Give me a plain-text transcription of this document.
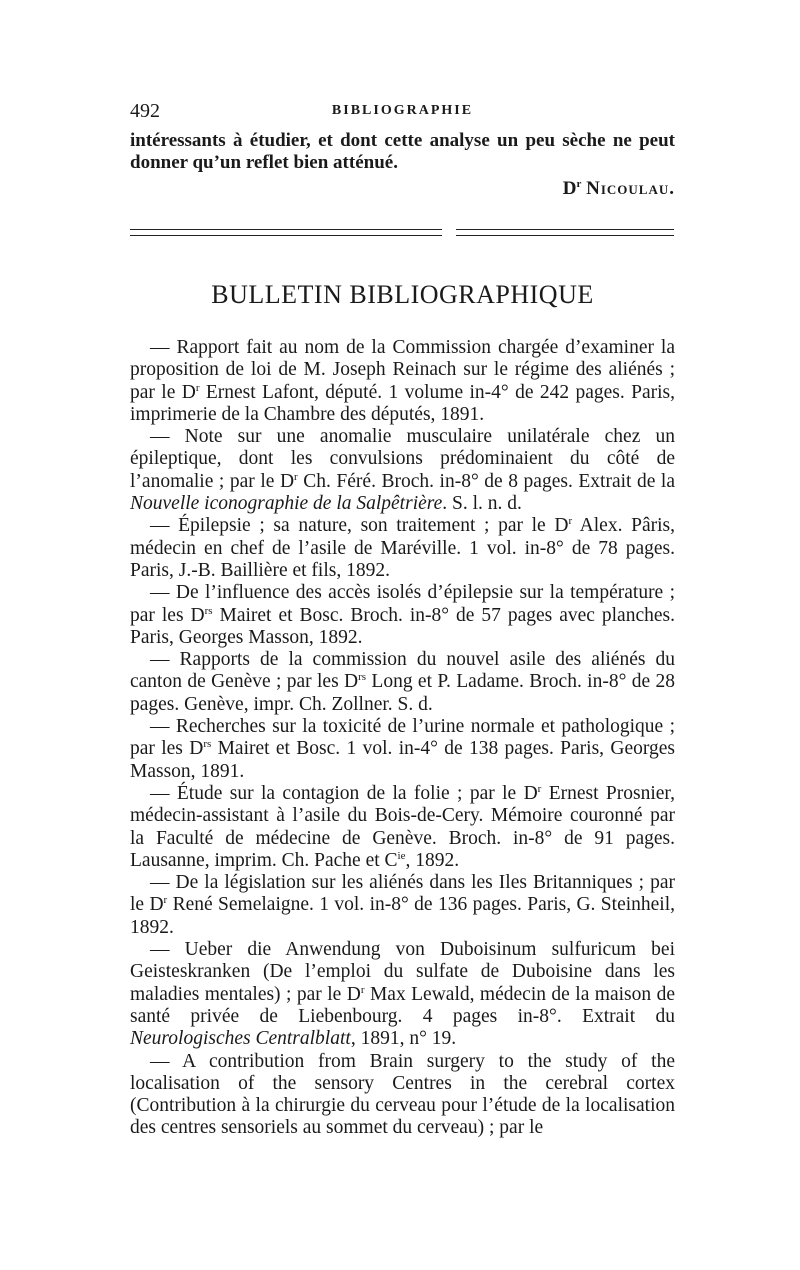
492	BIBLIOGRAPHIE

intéressants à étudier, et dont cette analyse un peu sèche ne peut donner qu’un reflet bien atténué.

$D^r$ Nicoulau.
BULLETIN BIBLIOGRAPHIQUE

— Rapport fait au nom de la Commission chargée d’examiner la proposition de loi de M. Joseph Reinach sur le régime des aliénés ; par le $D^r$ Ernest Lafont, député. 1 volume in-4° de 242 pages. Paris, imprimerie de la Chambre des députés, 1891.

— Note sur une anomalie musculaire unilatérale chez un épileptique, dont les convulsions prédominaient du côté de l’anomalie ; par le $D^r$ Ch. Féré. Broch. in-8° de 8 pages. Extrait de la Nouvelle iconographie de la Salpêtrière. S. l. n. d.

— Épilepsie ; sa nature, son traitement ; par le $D^r$ Alex. Pâris, médecin en chef de l’asile de Maréville. 1 vol. in-8° de 78 pages. Paris, J.-B. Baillière et fils, 1892.

— De l’influence des accès isolés d’épilepsie sur la température ; par les $D^{rs}$ Mairet et Bosc. Broch. in-8° de 57 pages avec planches. Paris, Georges Masson, 1892.

— Rapports de la commission du nouvel asile des aliénés du canton de Genève ; par les $D^{rs}$ Long et P. Ladame. Broch. in-8° de 28 pages. Genève, impr. Ch. Zollner. S. d.

— Recherches sur la toxicité de l’urine normale et pathologique ; par les $D^{rs}$ Mairet et Bosc. 1 vol. in-4° de 138 pages. Paris, Georges Masson, 1891.

— Étude sur la contagion de la folie ; par le $D^r$ Ernest Prosnier, médecin-assistant à l’asile du Bois-de-Cery. Mémoire couronné par la Faculté de médecine de Genève. Broch. in-8° de 91 pages. Lausanne, imprim. Ch. Pache et $C^{ie}$, 1892.

— De la législation sur les aliénés dans les Iles Britanniques ; par le $D^r$ René Semelaigne. 1 vol. in-8° de 136 pages. Paris, G. Steinheil, 1892.

— Ueber die Anwendung von Duboisinum sulfuricum bei Geisteskranken (De l’emploi du sulfate de Duboisine dans les maladies mentales) ; par le $D^r$ Max Lewald, médecin de la maison de santé privée de Liebenbourg. 4 pages in-8°. Extrait du Neurologisches Centralblatt, 1891, n° 19.

— A contribution from Brain surgery to the study of the localisation of the sensory Centres in the cerebral cortex (Contribution à la chirurgie du cerveau pour l’étude de la localisation des centres sensoriels au sommet du cerveau) ; par le
